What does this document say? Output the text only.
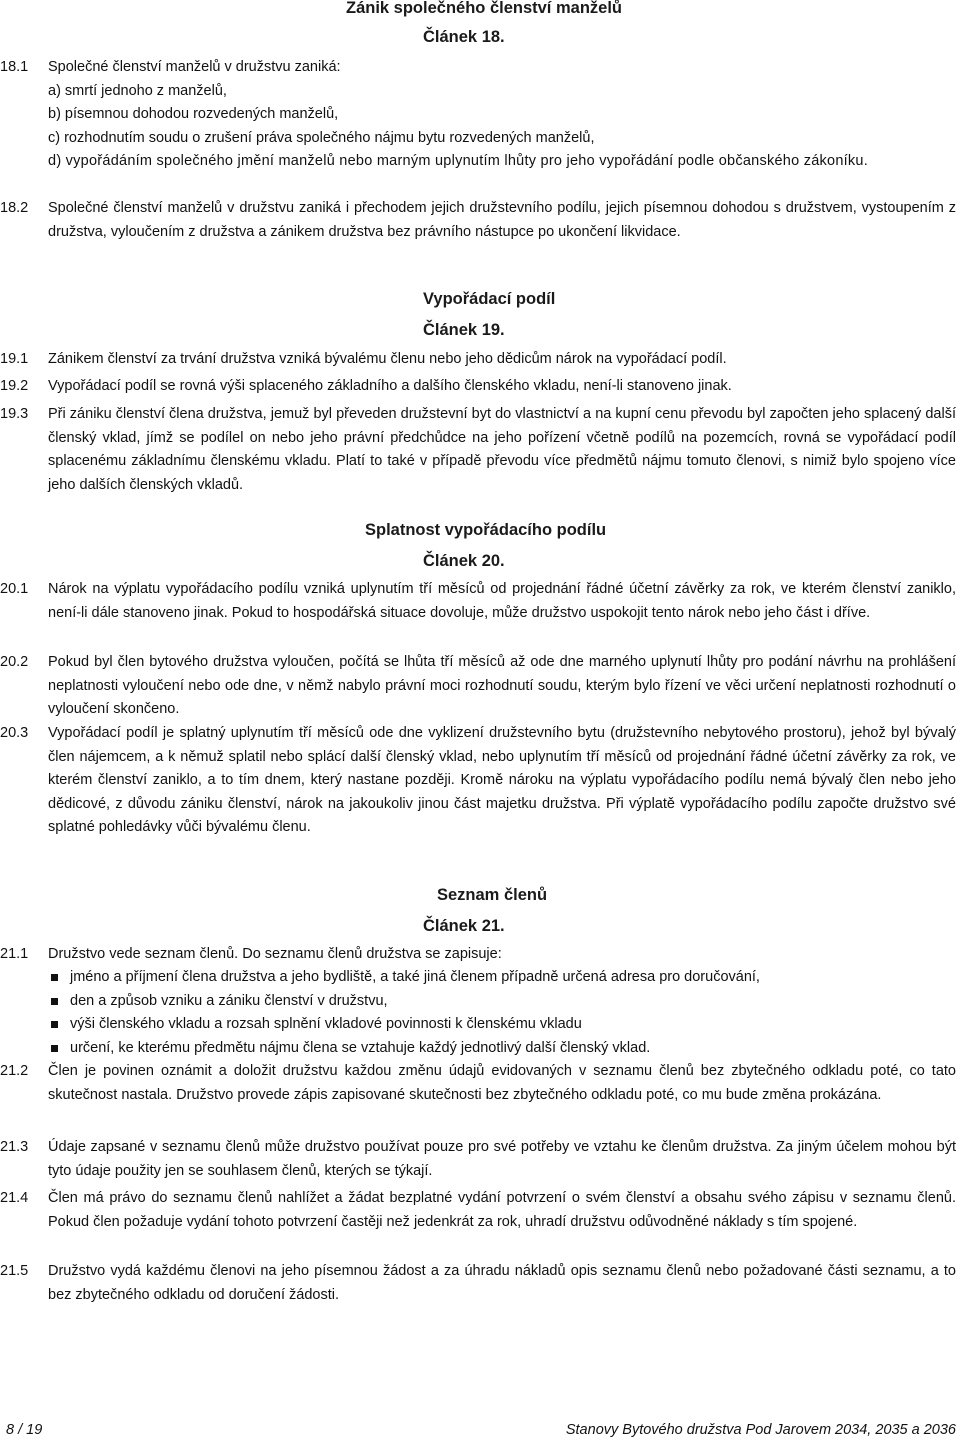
Zánik společného členství manželů
Článek 18.
18.1	Společné členství manželů v družstvu zaniká:
a) smrtí jednoho z manželů,
b) písemnou dohodou rozvedených manželů,
c) rozhodnutím soudu o zrušení práva společného nájmu bytu rozvedených manželů,
d) vypořádáním společného jmění manželů nebo marným uplynutím lhůty pro jeho vypořádání podle občanského zákoníku.
18.2	Společné členství manželů v družstvu zaniká i přechodem jejich družstevního podílu, jejich písemnou dohodou s družstvem, vystoupením z družstva, vyloučením z družstva a zánikem družstva bez právního nástupce po ukončení likvidace.
Vypořádací podíl
Článek 19.
19.1	Zánikem členství za trvání družstva vzniká bývalému členu nebo jeho dědicům nárok na vypořádací podíl.
19.2	Vypořádací podíl se rovná výši splaceného základního a dalšího členského vkladu, není-li stanoveno jinak.
19.3	Při zániku členství člena družstva, jemuž byl převeden družstevní byt do vlastnictví a na kupní cenu převodu byl započten jeho splacený další členský vklad, jímž se podílel on nebo jeho právní předchůdce na jeho pořízení včetně podílů na pozemcích, rovná se vypořádací podíl splacenému základnímu členskému vkladu. Platí to také v případě převodu více předmětů nájmu tomuto členovi, s nimiž bylo spojeno více jeho dalších členských vkladů.
Splatnost vypořádacího podílu
Článek 20.
20.1	Nárok na výplatu vypořádacího podílu vzniká uplynutím tří měsíců od projednání řádné účetní závěrky za rok, ve kterém členství zaniklo, není-li dále stanoveno jinak. Pokud to hospodářská situace dovoluje, může družstvo uspokojit tento nárok nebo jeho část i dříve.
20.2	Pokud byl člen bytového družstva vyloučen, počítá se lhůta tří měsíců až ode dne marného uplynutí lhůty pro podání návrhu na prohlášení neplatnosti vyloučení nebo ode dne, v němž nabylo právní moci rozhodnutí soudu, kterým bylo řízení ve věci určení neplatnosti rozhodnutí o vyloučení skončeno.
20.3	Vypořádací podíl je splatný uplynutím tří měsíců ode dne vyklizení družstevního bytu (družstevního nebytového prostoru), jehož byl bývalý člen nájemcem, a k němuž splatil nebo splácí další členský vklad, nebo uplynutím tří měsíců od projednání řádné účetní závěrky za rok, ve kterém členství zaniklo, a to tím dnem, který nastane později. Kromě nároku na výplatu vypořádacího podílu nemá bývalý člen nebo jeho dědicové, z důvodu zániku členství, nárok na jakoukoliv jinou část majetku družstva. Při výplatě vypořádacího podílu započte družstvo své splatné pohledávky vůči bývalému členu.
Seznam členů
Článek 21.
21.1	Družstvo vede seznam členů. Do seznamu členů družstva se zapisuje:
jméno a příjmení člena družstva a jeho bydliště, a také jiná členem případně určená adresa pro doručování,
den a způsob vzniku a zániku členství v družstvu,
výši členského vkladu a rozsah splnění vkladové povinnosti k členskému vkladu
určení, ke kterému předmětu nájmu člena se vztahuje každý jednotlivý další členský vklad.
21.2	Člen je povinen oznámit a doložit družstvu každou změnu údajů evidovaných v seznamu členů bez zbytečného odkladu poté, co tato skutečnost nastala. Družstvo provede zápis zapisované skutečnosti bez zbytečného odkladu poté, co mu bude změna prokázána.
21.3	Údaje zapsané v seznamu členů může družstvo používat pouze pro své potřeby ve vztahu ke členům družstva. Za jiným účelem mohou být tyto údaje použity jen se souhlasem členů, kterých se týkají.
21.4	Člen má právo do seznamu členů nahlížet a žádat bezplatné vydání potvrzení o svém členství a obsahu svého zápisu v seznamu členů. Pokud člen požaduje vydání tohoto potvrzení častěji než jedenkrát za rok, uhradí družstvu odůvodněné náklady s tím spojené.
21.5	Družstvo vydá každému členovi na jeho písemnou žádost a za úhradu nákladů opis seznamu členů nebo požadované části seznamu, a to bez zbytečného odkladu od doručení žádosti.
8 / 19	Stanovy Bytového družstva Pod Jarovem 2034, 2035 a 2036
